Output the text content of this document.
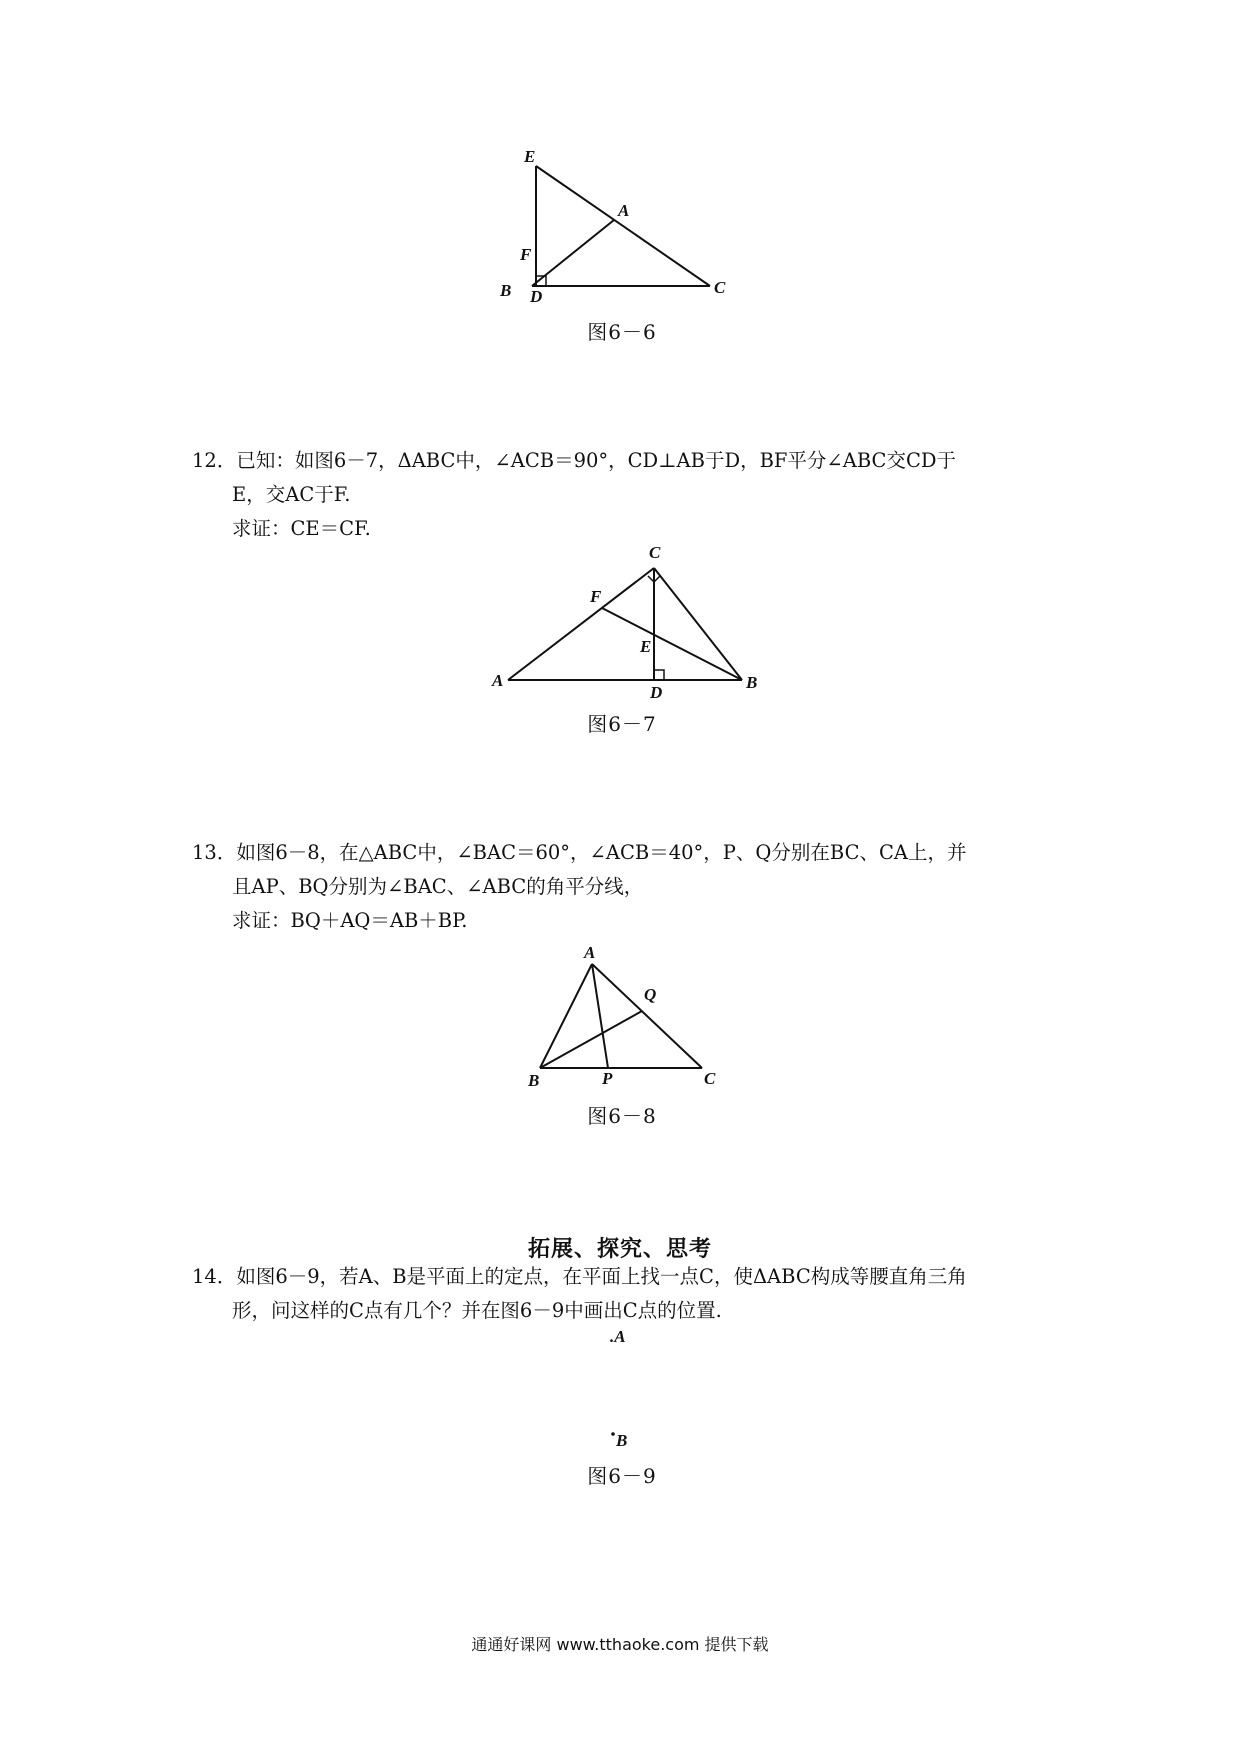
E
A
F
B D	C
图6－6
12．已知：如图6－7，ΔABC中，∠ACB＝90°，CD⊥AB于D，BF平分∠ABC交CD于
E，交AC于F.
求证：CE＝CF.
C
F
E
A
D
B
图6－7
13．如图6－8，在△ABC中，∠BAC＝60°，∠ACB＝40°，P、Q分别在BC、CA上，并
且AP、BQ分别为∠BAC、∠ABC的角平分线，
求证：BQ＋AQ＝AB＋BP.
A
Q
B	P	C
图6－8
拓展、探究、思考
14．如图6－9，若A、B是平面上的定点，在平面上找一点C，使ΔABC构成等腰直角三角
形，问这样的C点有几个？并在图6－9中画出C点的位置.
.A
B
图6－9
通通好课网 www.tthaoke.com 提供下载
